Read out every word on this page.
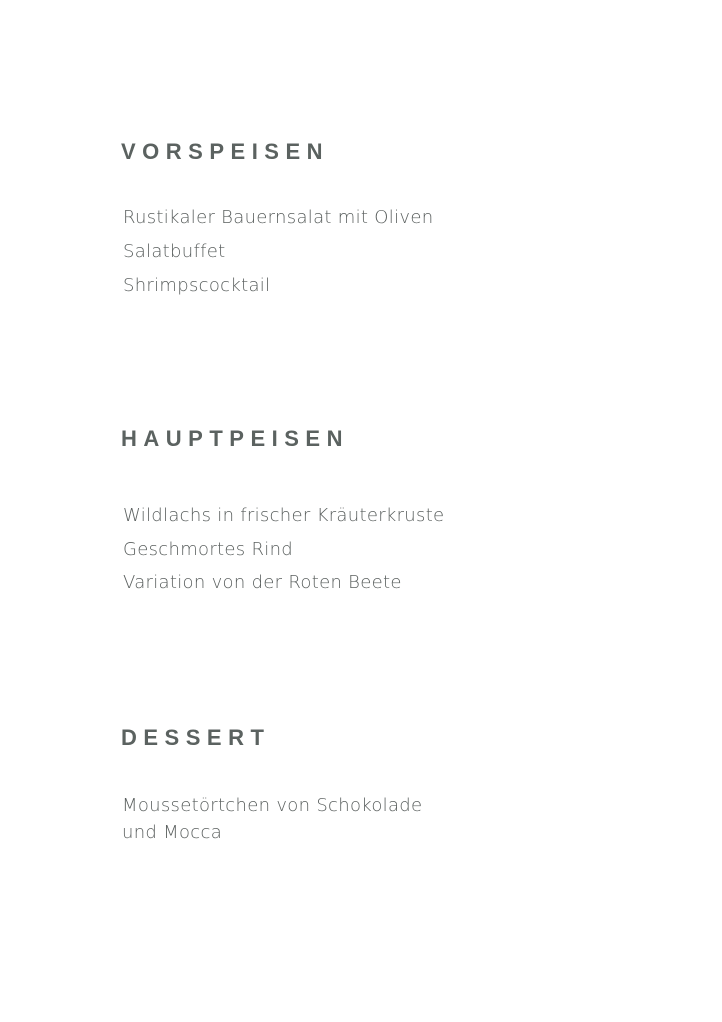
VORSPEISEN
Rustikaler Bauernsalat mit Oliven
Salatbuffet
Shrimpscocktail
HAUPTPEISEN
Wildlachs in frischer Kräuterkruste
Geschmortes Rind
Variation von der Roten Beete
DESSERT

Moussetörtchen von Schokolade
und Mocca
